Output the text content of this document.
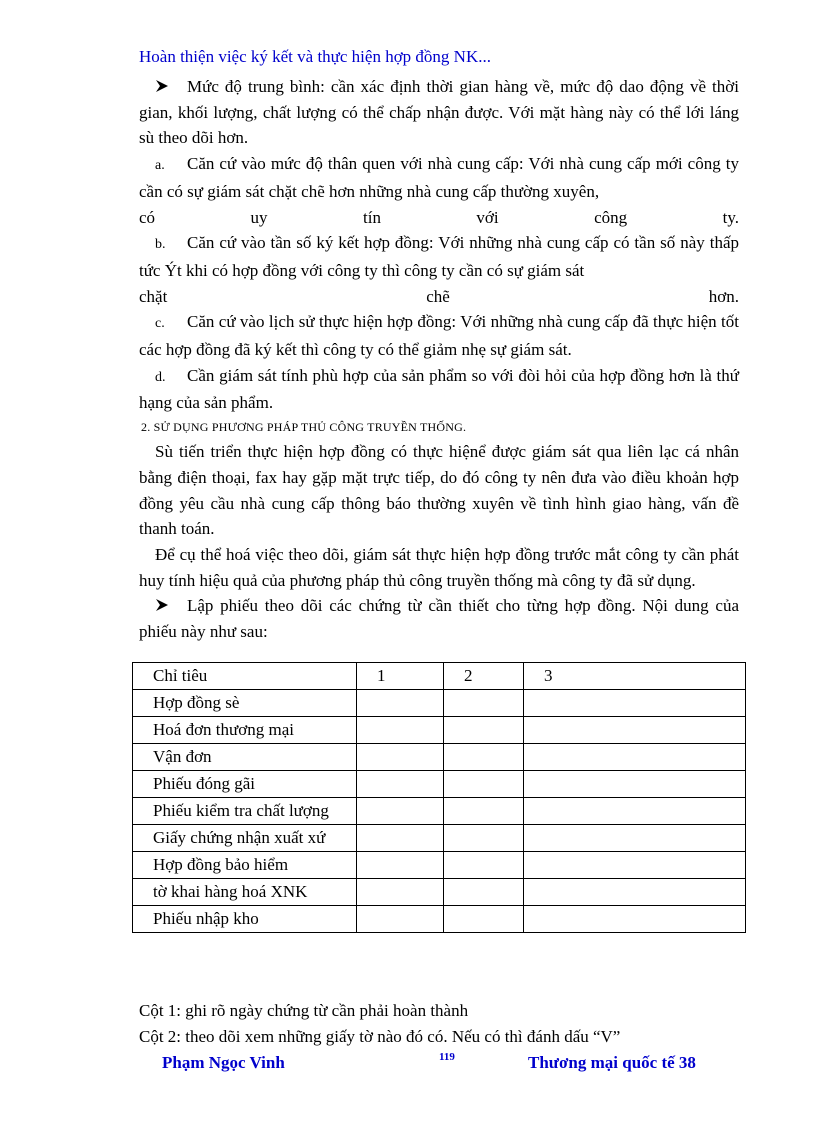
Hoàn thiện việc ký kết và thực hiện hợp đồng NK...

Mức độ trung bình: cần xác định thời gian hàng về, mức độ dao động về thời gian, khối lượng, chất lượng có thể chấp nhận được. Với mặt hàng này có thể lới láng sù theo dõi hơn.

a. Căn cứ vào mức độ thân quen với nhà cung cấp: Với nhà cung cấp mới công ty cần có sự giám sát chặt chẽ hơn những nhà cung cấp thường xuyên,

có uy tín với công ty.

b. Căn cứ vào tần số ký kết hợp đồng: Với những nhà cung cấp có tần số này thấp tức Ýt khi có hợp đồng với công ty thì công ty cần có sự giám sát

chặt chẽ hơn.

c. Căn cứ vào lịch sử thực hiện hợp đồng: Với những nhà cung cấp đã thực hiện tốt các hợp đồng đã ký kết thì công ty có thể giảm nhẹ sự giám sát.

d. Cần giám sát tính phù hợp của sản phẩm so với đòi hỏi của hợp đồng hơn là thứ hạng của sản phẩm.

2. SỬ DỤNG PHƯƠNG PHÁP THỦ CÔNG TRUYỀN THỐNG.

Sù tiến triển thực hiện hợp đồng có thực hiệnể được giám sát qua liên lạc cá nhân bằng điện thoại, fax hay gặp mặt trực tiếp, do đó công ty nên đưa vào điều khoản hợp đồng yêu cầu nhà cung cấp thông báo thường xuyên về tình hình giao hàng, vấn đề thanh toán.

Để cụ thể hoá việc theo dõi, giám sát thực hiện hợp đồng trước mắt công ty cần phát huy tính hiệu quả của phương pháp thủ công truyền thống mà công ty đã sử dụng.

Lập phiếu theo dõi các chứng từ cần thiết cho từng hợp đồng. Nội dung của phiếu này như sau:

Chỉ tiêu	1	2	3
Hợp đồng sè			
Hoá đơn thương mại			
Vận đơn			
Phiếu đóng gãi			
Phiếu kiểm tra chất lượng			
Giấy chứng nhận xuất xứ			
Hợp đồng bảo hiểm			
tờ khai hàng hoá XNK			
Phiếu nhập kho			

Cột 1: ghi rõ ngày chứng từ cần phải hoàn thành

Cột 2: theo dõi xem những giấy tờ nào đó có. Nếu có thì đánh dấu “V”

Phạm Ngọc Vinh	119	Thương mại quốc tế 38
